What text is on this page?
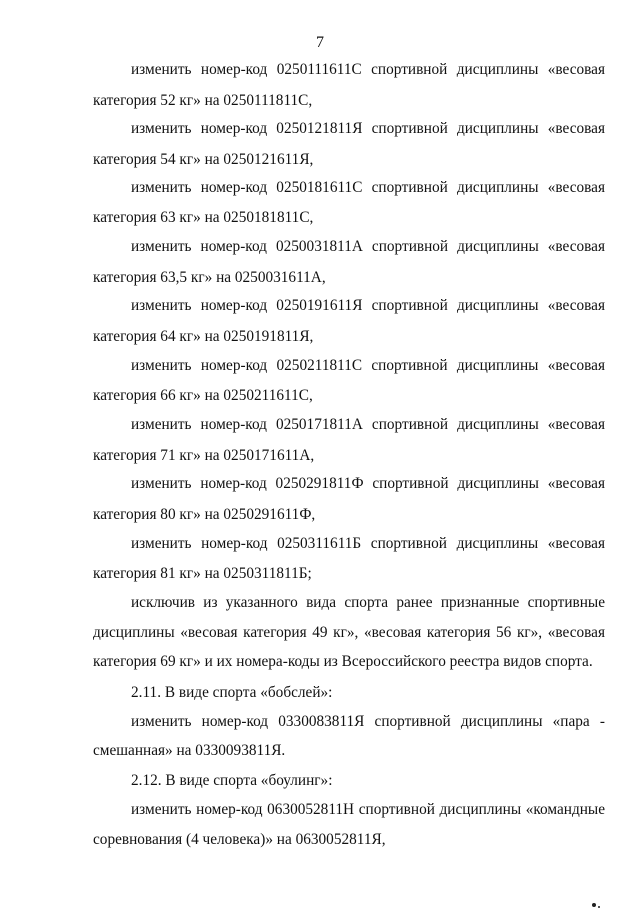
7
изменить номер-код 0250111611С спортивной дисциплины «весовая
категория 52 кг» на 0250111811С,
изменить номер-код 0250121811Я спортивной дисциплины «весовая
категория 54 кг» на 0250121611Я,
изменить номер-код 0250181611С спортивной дисциплины «весовая
категория 63 кг» на 0250181811С,
изменить номер-код 0250031811А спортивной дисциплины «весовая
категория 63,5 кг» на 0250031611А,
изменить номер-код 0250191611Я спортивной дисциплины «весовая
категория 64 кг» на 0250191811Я,
изменить номер-код 0250211811С спортивной дисциплины «весовая
категория 66 кг» на 0250211611С,
изменить номер-код 0250171811А спортивной дисциплины «весовая
категория 71 кг» на 0250171611А,
изменить номер-код 0250291811Ф спортивной дисциплины «весовая
категория 80 кг» на 0250291611Ф,
изменить номер-код 0250311611Б спортивной дисциплины «весовая
категория 81 кг» на 0250311811Б;
исключив из указанного вида спорта ранее признанные спортивные
дисциплины «весовая категория 49 кг», «весовая категория 56 кг», «весовая
категория 69 кг» и их номера-коды из Всероссийского реестра видов спорта.
2.11. В виде спорта «бобслей»:
изменить номер-код 0330083811Я спортивной дисциплины «пара -
смешанная» на 0330093811Я.
2.12. В виде спорта «боулинг»:
изменить номер-код 0630052811Н спортивной дисциплины «командные
соревнования (4 человека)» на 0630052811Я,
